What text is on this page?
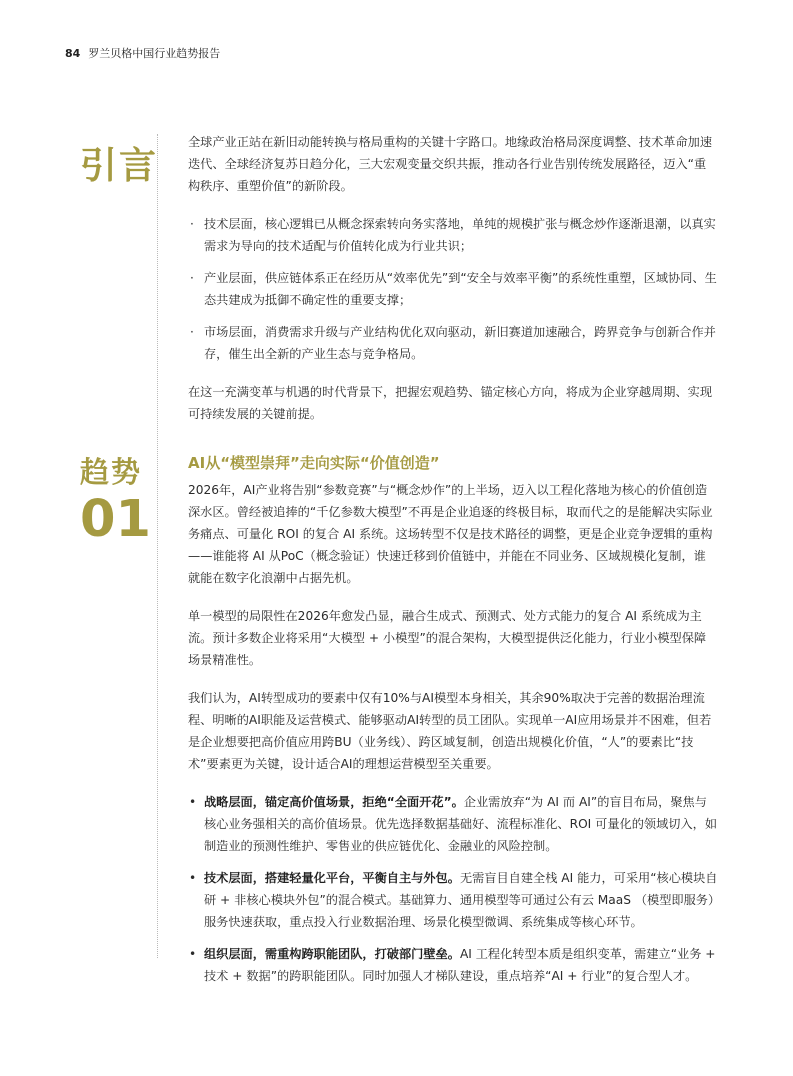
84 罗兰贝格中国行业趋势报告
引言

全球产业正站在新旧动能转换与格局重构的关键十字路口。地缘政治格局深度调整、技术革命加速迭代、全球经济复苏日趋分化，三大宏观变量交织共振，推动各行业告别传统发展路径，迈入“重构秩序、重塑价值”的新阶段。

· 技术层面，核心逻辑已从概念探索转向务实落地，单纯的规模扩张与概念炒作逐渐退潮，以真实需求为导向的技术适配与价值转化成为行业共识；
· 产业层面，供应链体系正在经历从“效率优先”到“安全与效率平衡”的系统性重塑，区域协同、生态共建成为抵御不确定性的重要支撑；
· 市场层面，消费需求升级与产业结构优化双向驱动，新旧赛道加速融合，跨界竞争与创新合作并存，催生出全新的产业生态与竞争格局。

在这一充满变革与机遇的时代背景下，把握宏观趋势、锚定核心方向，将成为企业穿越周期、实现可持续发展的关键前提。

趋势
01
AI从“模型崇拜”走向实际“价值创造”

2026年，AI产业将告别“参数竞赛”与“概念炒作”的上半场，迈入以工程化落地为核心的价值创造深水区。曾经被追捧的“千亿参数大模型”不再是企业追逐的终极目标，取而代之的是能解决实际业务痛点、可量化 ROI 的复合 AI 系统。这场转型不仅是技术路径的调整，更是企业竞争逻辑的重构 ——谁能将 AI 从PoC（概念验证）快速迁移到价值链中，并能在不同业务、区域规模化复制，谁就能在数字化浪潮中占据先机。

单一模型的局限性在2026年愈发凸显，融合生成式、预测式、处方式能力的复合 AI 系统成为主流。预计多数企业将采用“大模型 + 小模型”的混合架构，大模型提供泛化能力，行业小模型保障场景精准性。

我们认为，AI转型成功的要素中仅有10%与AI模型本身相关，其余90%取决于完善的数据治理流程、明晰的AI职能及运营模式、能够驱动AI转型的员工团队。实现单一AI应用场景并不困难，但若是企业想要把高价值应用跨BU（业务线）、跨区域复制，创造出规模化价值，“人”的要素比“技术”要素更为关键，设计适合AI的理想运营模型至关重要。

• 战略层面，锚定高价值场景，拒绝“全面开花”。企业需放弃“为 AI 而 AI”的盲目布局，聚焦与核心业务强相关的高价值场景。优先选择数据基础好、流程标准化、ROI 可量化的领域切入，如制造业的预测性维护、零售业的供应链优化、金融业的风险控制。
• 技术层面，搭建轻量化平台，平衡自主与外包。无需盲目自建全栈 AI 能力，可采用“核心模块自研 + 非核心模块外包”的混合模式。基础算力、通用模型等可通过公有云 MaaS （模型即服务）服务快速获取，重点投入行业数据治理、场景化模型微调、系统集成等核心环节。
• 组织层面，需重构跨职能团队，打破部门壁垒。AI 工程化转型本质是组织变革，需建立“业务 + 技术 + 数据”的跨职能团队。同时加强人才梯队建设，重点培养“AI + 行业”的复合型人才。
